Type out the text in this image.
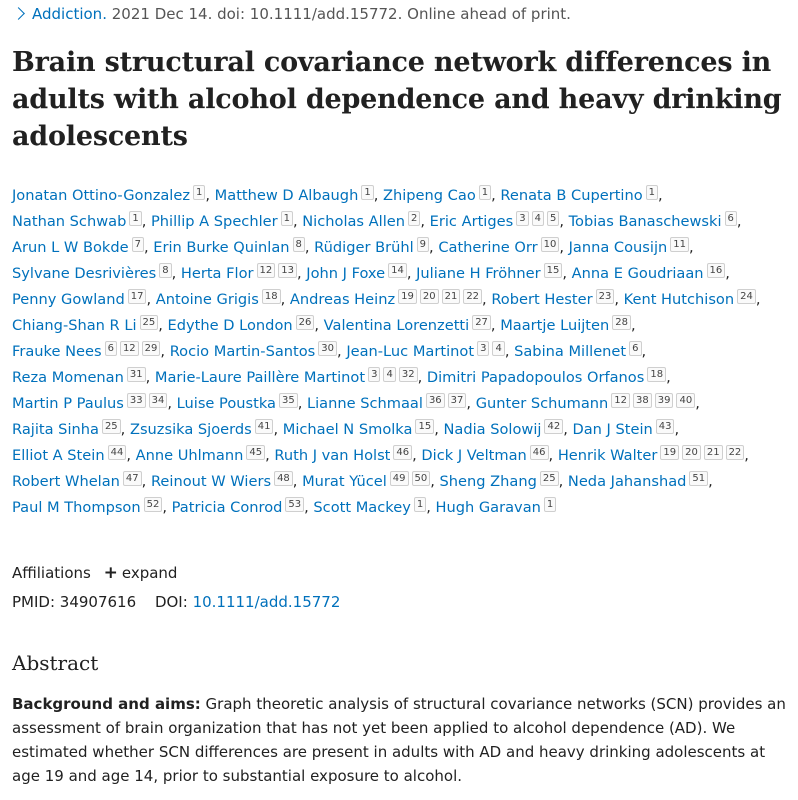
Addiction. 2021 Dec 14. doi: 10.1111/add.15772. Online ahead of print.
Brain structural covariance network differences in adults with alcohol dependence and heavy drinking adolescents
Jonatan Ottino-Gonzalez 1 , Matthew D Albaugh 1 , Zhipeng Cao 1 , Renata B Cupertino 1 , Nathan Schwab 1 , Phillip A Spechler 1 , Nicholas Allen 2 , Eric Artiges 3 4 5 , Tobias Banaschewski 6 , Arun L W Bokde 7 , Erin Burke Quinlan 8 , Rüdiger Brühl 9 , Catherine Orr 10 , Janna Cousijn 11 , Sylvane Desrivières 8 , Herta Flor 12 13 , John J Foxe 14 , Juliane H Fröhner 15 , Anna E Goudriaan 16 , Penny Gowland 17 , Antoine Grigis 18 , Andreas Heinz 19 20 21 22 , Robert Hester 23 , Kent Hutchison 24 , Chiang-Shan R Li 25 , Edythe D London 26 , Valentina Lorenzetti 27 , Maartje Luijten 28 , Frauke Nees 6 12 29 , Rocio Martin-Santos 30 , Jean-Luc Martinot 3 4 , Sabina Millenet 6 , Reza Momenan 31 , Marie-Laure Paillère Martinot 3 4 32 , Dimitri Papadopoulos Orfanos 18 , Martin P Paulus 33 34 , Luise Poustka 35 , Lianne Schmaal 36 37 , Gunter Schumann 12 38 39 40 , Rajita Sinha 25 , Zsuzsika Sjoerds 41 , Michael N Smolka 15 , Nadia Solowij 42 , Dan J Stein 43 , Elliot A Stein 44 , Anne Uhlmann 45 , Ruth J van Holst 46 , Dick J Veltman 46 , Henrik Walter 19 20 21 22 , Robert Whelan 47 , Reinout W Wiers 48 , Murat Yücel 49 50 , Sheng Zhang 25 , Neda Jahanshad 51 , Paul M Thompson 52 , Patricia Conrod 53 , Scott Mackey 1 , Hugh Garavan 1
Affiliations + expand
PMID: 34907616 DOI: 10.1111/add.15772
Abstract

Background and aims: Graph theoretic analysis of structural covariance networks (SCN) provides an assessment of brain organization that has not yet been applied to alcohol dependence (AD). We estimated whether SCN differences are present in adults with AD and heavy drinking adolescents at age 19 and age 14, prior to substantial exposure to alcohol.
